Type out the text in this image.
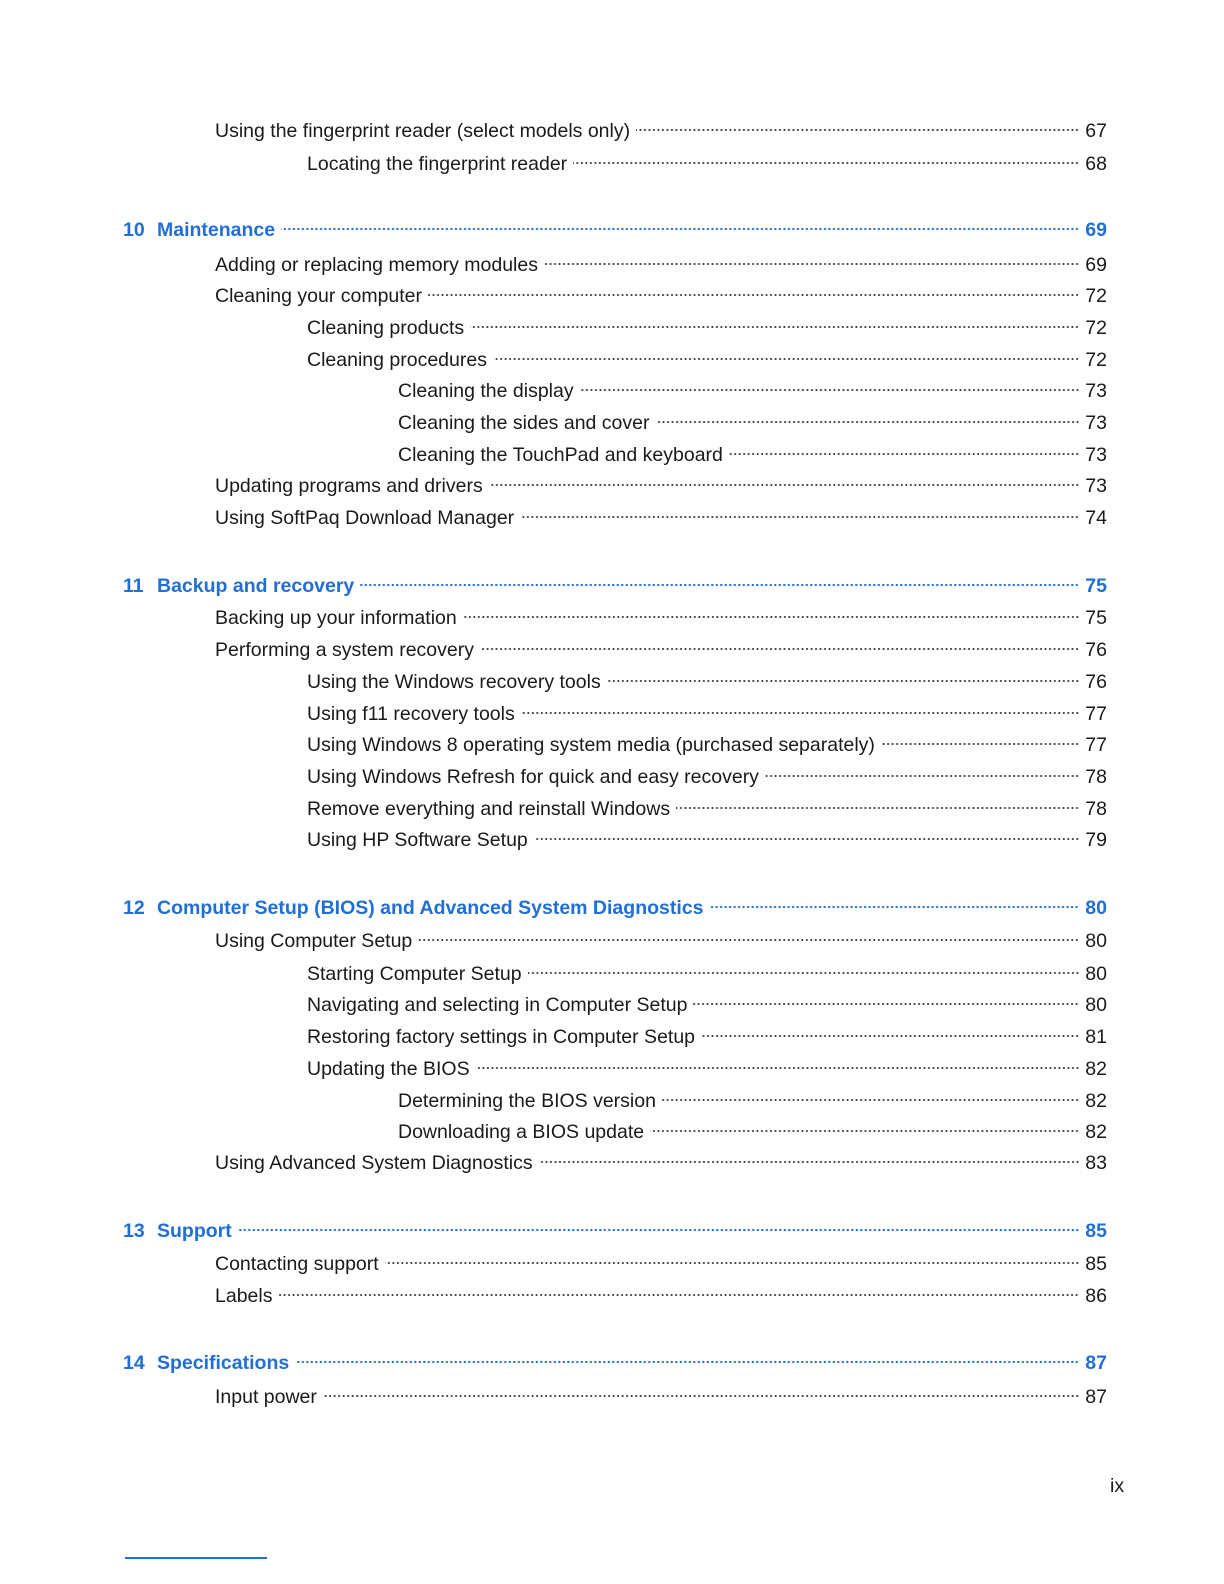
Using the fingerprint reader (select models only)	67
Locating the fingerprint reader	68
10 Maintenance	69
Adding or replacing memory modules	69
Cleaning your computer	72
Cleaning products	72
Cleaning procedures	72
Cleaning the display	73
Cleaning the sides and cover	73
Cleaning the TouchPad and keyboard	73
Updating programs and drivers	73
Using SoftPaq Download Manager	74
11 Backup and recovery	75
Backing up your information	75
Performing a system recovery	76
Using the Windows recovery tools	76
Using f11 recovery tools	77
Using Windows 8 operating system media (purchased separately)	77
Using Windows Refresh for quick and easy recovery	78
Remove everything and reinstall Windows	78
Using HP Software Setup	79
12 Computer Setup (BIOS) and Advanced System Diagnostics	80
Using Computer Setup	80
Starting Computer Setup	80
Navigating and selecting in Computer Setup	80
Restoring factory settings in Computer Setup	81
Updating the BIOS	82
Determining the BIOS version	82
Downloading a BIOS update	82
Using Advanced System Diagnostics	83
13 Support	85
Contacting support	85
Labels	86
14 Specifications	87
Input power	87
ix
